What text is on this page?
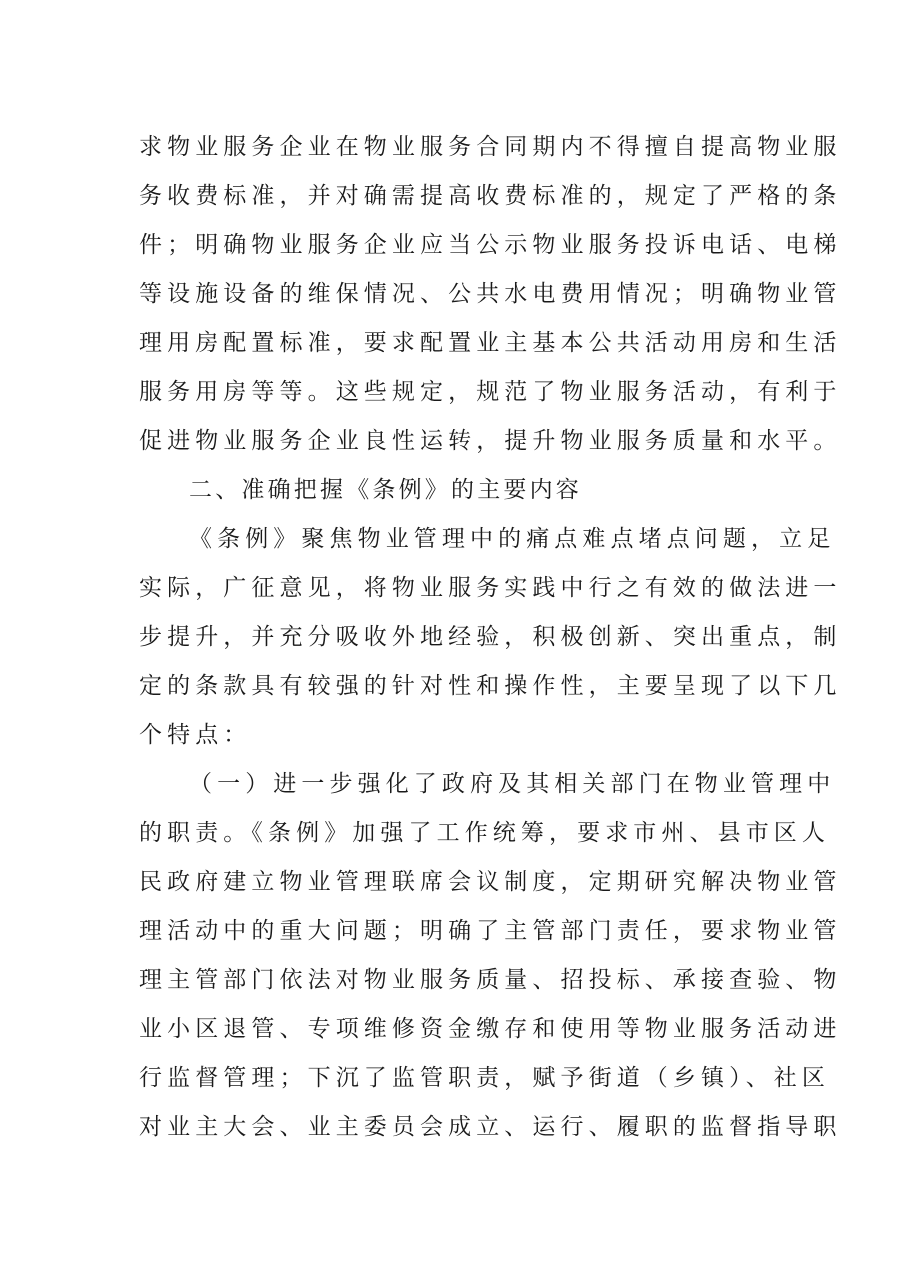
求物业服务企业在物业服务合同期内不得擅自提高物业服
务收费标准，并对确需提高收费标准的，规定了严格的条
件；明确物业服务企业应当公示物业服务投诉电话、电梯
等设施设备的维保情况、公共水电费用情况；明确物业管
理用房配置标准，要求配置业主基本公共活动用房和生活
服务用房等等。这些规定，规范了物业服务活动，有利于
促进物业服务企业良性运转，提升物业服务质量和水平。
二、准确把握《条例》的主要内容
《条例》聚焦物业管理中的痛点难点堵点问题，立足
实际，广征意见，将物业服务实践中行之有效的做法进一
步提升，并充分吸收外地经验，积极创新、突出重点，制
定的条款具有较强的针对性和操作性，主要呈现了以下几
个特点：
（一）进一步强化了政府及其相关部门在物业管理中
的职责。《条例》加强了工作统筹，要求市州、县市区人
民政府建立物业管理联席会议制度，定期研究解决物业管
理活动中的重大问题；明确了主管部门责任，要求物业管
理主管部门依法对物业服务质量、招投标、承接查验、物
业小区退管、专项维修资金缴存和使用等物业服务活动进
行监督管理；下沉了监管职责，赋予街道（乡镇）、社区
对业主大会、业主委员会成立、运行、履职的监督指导职
